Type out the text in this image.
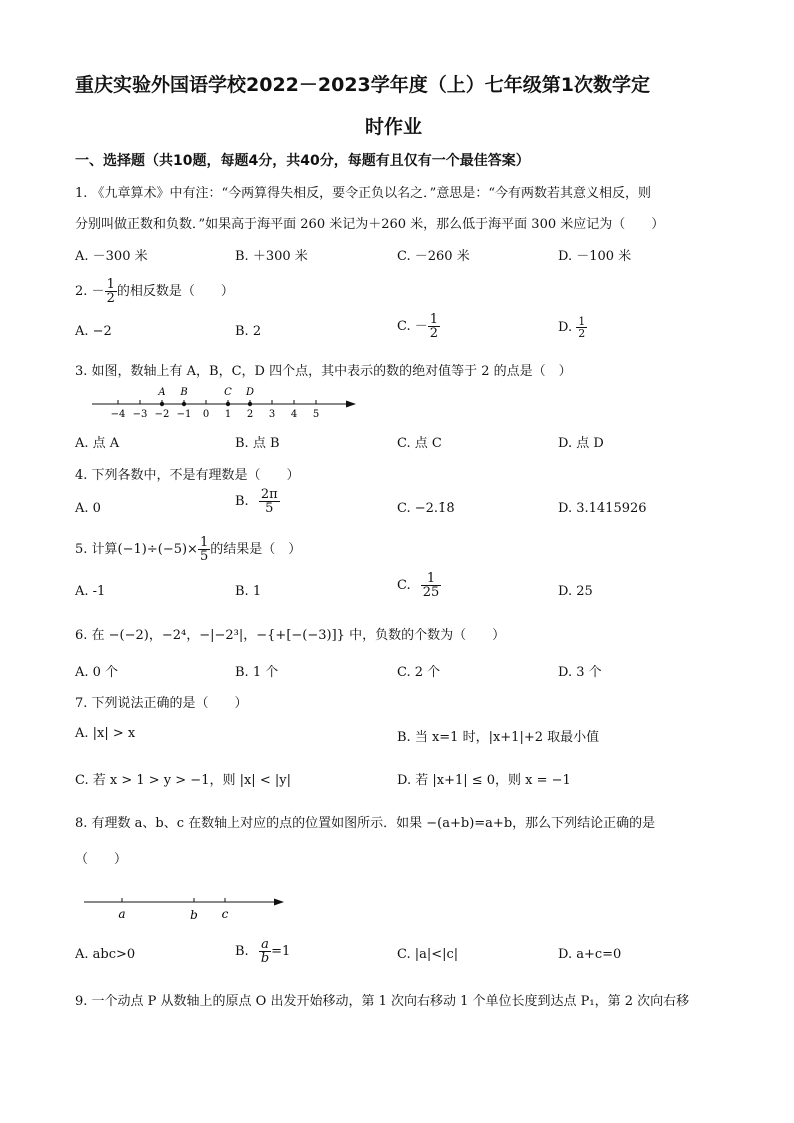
重庆实验外国语学校2022－2023学年度（上）七年级第1次数学定
时作业
一、选择题（共10题，每题4分，共40分，每题有且仅有一个最佳答案）
1. 《九章算术》中有注：“今两算得失相反，要令正负以名之．”意思是：“今有两数若其意义相反，则
分别叫做正数和负数．”如果高于海平面 260 米记为＋260 米，那么低于海平面 300 米应记为（　　）
A. －300 米	B. ＋300 米	C. －260 米	D. －100 米
2. － $\frac{1}{2}$ 的相反数是（　　）
A. −2	B. 2	C. － $\frac{1}{2}$	D. $\frac{1}{2}$
3. 如图，数轴上有 A，B，C，D 四个点，其中表示的数的绝对值等于 2 的点是（　）
−4 −3 −2 −1 0 1 2 3 4 5
A B	C D
A. 点 A	B. 点 B	C. 点 C	D. 点 D
4. 下列各数中，不是有理数是（　　）
A. 0	B. $\frac{2\pi}{5}$	C. −2.1̇8̇	D. 3.1415926
5. 计算$(-1)\div(-5)\times \frac{1}{5}$ 的结果是（　）
A. -1	B. 1	C. $\frac{1}{25}$	D. 25
6. 在 −(−2)，−2⁴，−|−2³|，−{+[−(−3)]} 中，负数的个数为（　　）
A. 0 个	B. 1 个	C. 2 个	D. 3 个
7. 下列说法正确的是（　　）
A. |x| > x	B. 当 x=1 时，|x+1|+2 取最小值
C. 若 x > 1 > y > −1，则 |x| < |y|	D. 若 |x+1| ≤ 0，则 x = −1
8. 有理数 a、b、c 在数轴上对应的点的位置如图所示．如果 −(a+b)=a+b，那么下列结论正确的是
（　　）
a	b c
A. abc>0	B. $\frac{a}{b} =1$	C. |a|<|c|	D. a+c=0
9. 一个动点 P 从数轴上的原点 O 出发开始移动，第 1 次向右移动 1 个单位长度到达点 P₁，第 2 次向右移
